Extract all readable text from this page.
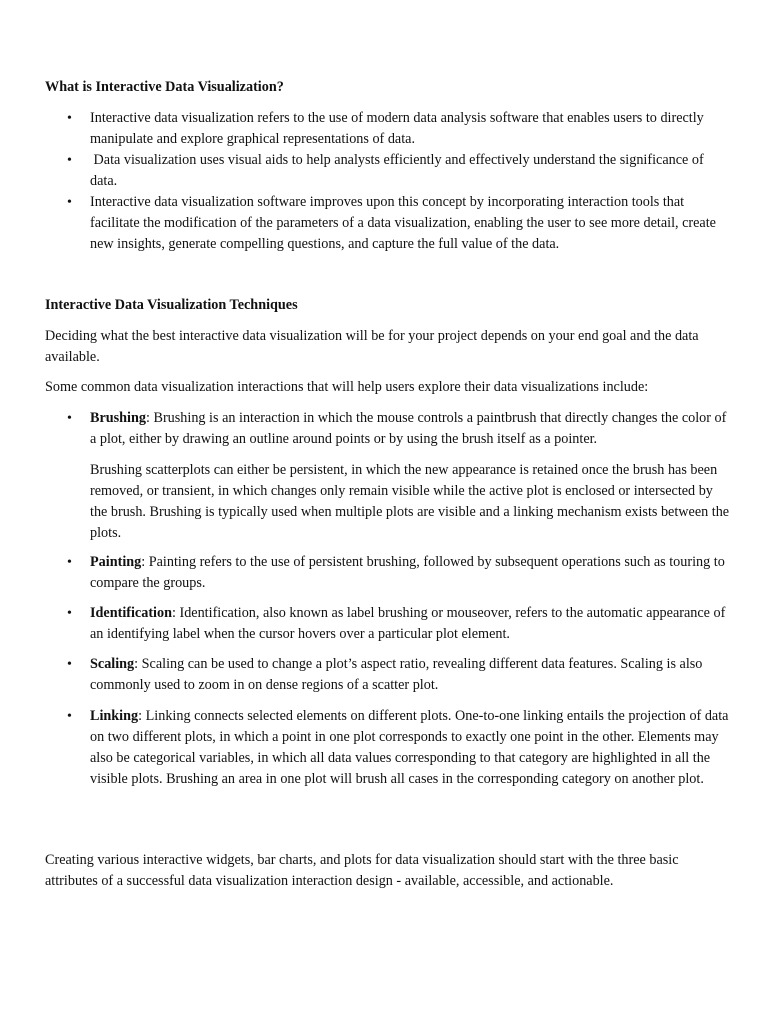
What is Interactive Data Visualization?

• Interactive data visualization refers to the use of modern data analysis software that enables users to directly manipulate and explore graphical representations of data.
• Data visualization uses visual aids to help analysts efficiently and effectively understand the significance of data.
• Interactive data visualization software improves upon this concept by incorporating interaction tools that facilitate the modification of the parameters of a data visualization, enabling the user to see more detail, create new insights, generate compelling questions, and capture the full value of the data.

Interactive Data Visualization Techniques

Deciding what the best interactive data visualization will be for your project depends on your end goal and the data available.

Some common data visualization interactions that will help users explore their data visualizations include:

• Brushing: Brushing is an interaction in which the mouse controls a paintbrush that directly changes the color of a plot, either by drawing an outline around points or by using the brush itself as a pointer.
Brushing scatterplots can either be persistent, in which the new appearance is retained once the brush has been removed, or transient, in which changes only remain visible while the active plot is enclosed or intersected by the brush. Brushing is typically used when multiple plots are visible and a linking mechanism exists between the plots.
• Painting: Painting refers to the use of persistent brushing, followed by subsequent operations such as touring to compare the groups.
• Identification: Identification, also known as label brushing or mouseover, refers to the automatic appearance of an identifying label when the cursor hovers over a particular plot element.
• Scaling: Scaling can be used to change a plot’s aspect ratio, revealing different data features. Scaling is also commonly used to zoom in on dense regions of a scatter plot.
• Linking: Linking connects selected elements on different plots. One-to-one linking entails the projection of data on two different plots, in which a point in one plot corresponds to exactly one point in the other. Elements may also be categorical variables, in which all data values corresponding to that category are highlighted in all the visible plots. Brushing an area in one plot will brush all cases in the corresponding category on another plot.

Creating various interactive widgets, bar charts, and plots for data visualization should start with the three basic attributes of a successful data visualization interaction design - available, accessible, and actionable.
